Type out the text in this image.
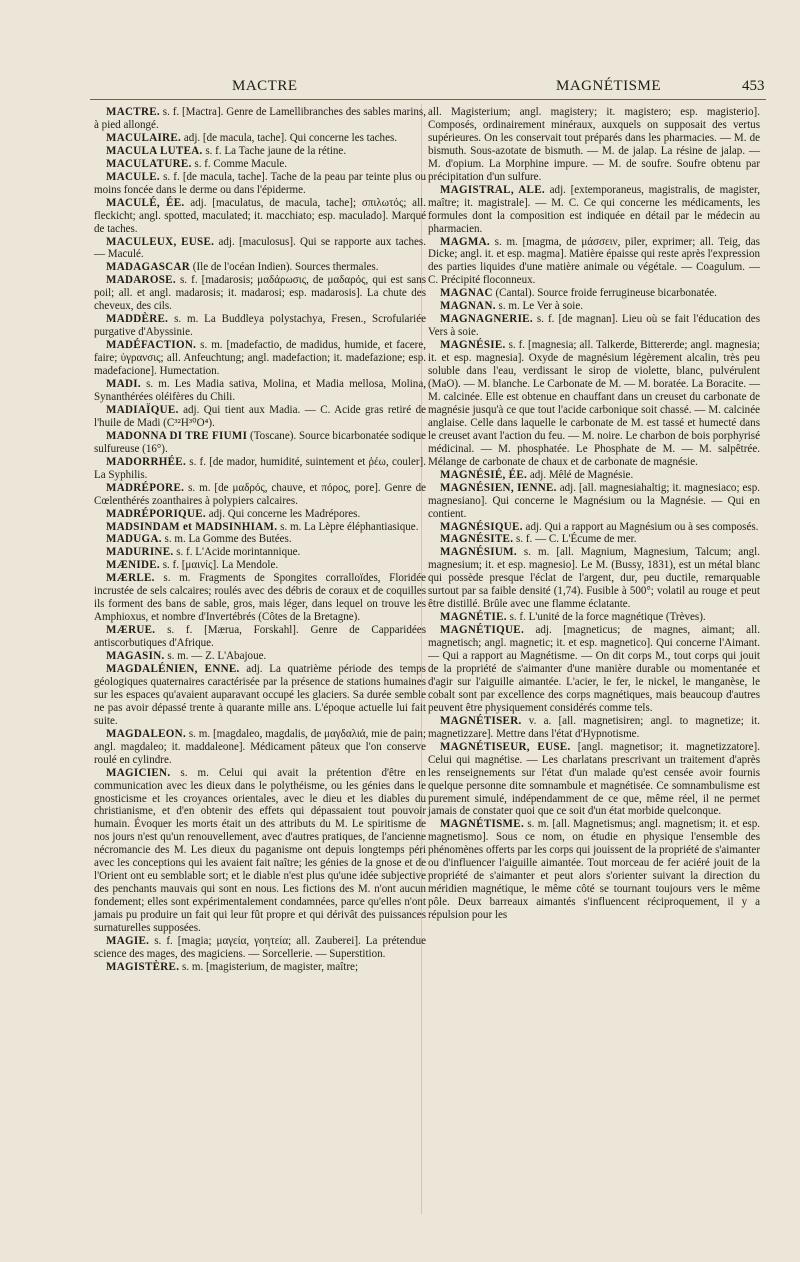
MACTRE	MAGNÉTISME	453

MACTRE. s. f. [Mactra]. Genre de Lamellibranches des sables marins, à pied allongé.

MACULAIRE. adj. [de macula, tache]. Qui concerne les taches.

MACULA LUTEA. s. f. La Tache jaune de la rétine.

MACULATURE. s. f. Comme Macule.

MACULE. s. f. [de macula, tache]. Tache de la peau par teinte plus ou moins foncée dans le derme ou dans l'épiderme.

MACULÉ, ÉE. adj. [maculatus, de macula, tache]; σπιλωτός; all. fleckicht; angl. spotted, maculated; it. macchiato; esp. maculado]. Marqué de taches.

MACULEUX, EUSE. adj. [maculosus]. Qui se rapporte aux taches. — Maculé.

MADAGASCAR (Ile de l'océan Indien). Sources thermales.

MADAROSE. s. f. [madarosis; μαδάρωσις, de μαδαρός, qui est sans poil; all. et angl. madarosis; it. madarosi; esp. madarosis]. La chute des cheveux, des cils.

MADDÈRE. s. m. La Buddleya polystachya, Fresen., Scrofulariée purgative d'Abyssinie.

MADÉFACTION. s. m. [madefactio, de madidus, humide, et facere, faire; ὑγρανσις; all. Anfeuchtung; angl. madefaction; it. madefazione; esp. madefacione]. Humectation.

MADI. s. m. Les Madia sativa, Molina, et Madia mellosa, Molina, Synanthérées oléifères du Chili.

MADIAÏQUE. adj. Qui tient aux Madia. — C. Acide gras retiré de l'huile de Madi (C³²H³⁰O⁴).

MADONNA DI TRE FIUMI (Toscane). Source bicarbonatée sodique sulfureuse (16°).

MADORRHÉE. s. f. [de mador, humidité, suintement et ῥέω, couler]. La Syphilis.

MADRÉPORE. s. m. [de μαδρός, chauve, et πόρος, pore]. Genre de Cœlenthérés zoanthaires à polypiers calcaires.

MADRÉPORIQUE. adj. Qui concerne les Madrépores.

MADSINDAM et MADSINHIAM. s. m. La Lèpre éléphantiasique.

MADUGA. s. m. La Gomme des Butées.

MADURINE. s. f. L'Acide morintannique.

MÆNIDE. s. f. [μαινίς]. La Mendole.

MÆRLE. s. m. Fragments de Spongites corralloïdes, Floridée incrustée de sels calcaires; roulés avec des débris de coraux et de coquilles ils forment des bans de sable, gros, mais léger, dans lequel on trouve les Amphioxus, et nombre d'Invertébrés (Côtes de la Bretagne).

MÆRUE. s. f. [Mærua, Forskahl]. Genre de Capparidées antiscorbutiques d'Afrique.

MAGASIN. s. m. — Z. L'Abajoue.

MAGDALÉNIEN, ENNE. adj. La quatrième période des temps géologiques quaternaires caractérisée par la présence de stations humaines sur les espaces qu'avaient auparavant occupé les glaciers. Sa durée semble ne pas avoir dépassé trente à quarante mille ans. L'époque actuelle lui fait suite.

MAGDALEON. s. m. [magdaleo, magdalis, de μαγδαλιά, mie de pain; angl. magdaleo; it. maddaleone]. Médicament pâteux que l'on conserve roulé en cylindre.

MAGICIEN. s. m. Celui qui avait la prétention d'être en communication avec les dieux dans le polythéisme, ou les génies dans le gnosticisme et les croyances orientales, avec le dieu et les diables du christianisme, et d'en obtenir des effets qui dépassaient tout pouvoir humain. Évoquer les morts était un des attributs du M. Le spiritisme de nos jours n'est qu'un renouvellement, avec d'autres pratiques, de l'ancienne nécromancie des M. Les dieux du paganisme ont depuis longtemps péri avec les conceptions qui les avaient fait naître; les génies de la gnose et de l'Orient ont eu semblable sort; et le diable n'est plus qu'une idée subjective des penchants mauvais qui sont en nous. Les fictions des M. n'ont aucun fondement; elles sont expérimentalement condamnées, parce qu'elles n'ont jamais pu produire un fait qui leur fût propre et qui dérivât des puissances surnaturelles supposées.

MAGIE. s. f. [magia; μαγεία, γοητεία; all. Zauberei]. La prétendue science des mages, des magiciens. — Sorcellerie. — Superstition.

MAGISTÈRE. s. m. [magisterium, de magister, maître;

all. Magisterium; angl. magistery; it. magistero; esp. magisterio]. Composés, ordinairement minéraux, auxquels on supposait des vertus supérieures. On les conservait tout préparés dans les pharmacies. — M. de bismuth. Sous-azotate de bismuth. — M. de jalap. La résine de jalap. — M. d'opium. La Morphine impure. — M. de soufre. Soufre obtenu par précipitation d'un sulfure.

MAGISTRAL, ALE. adj. [extemporaneus, magistralis, de magister, maître; it. magistrale]. — M. C. Ce qui concerne les médicaments, les formules dont la composition est indiquée en détail par le médecin au pharmacien.

MAGMA. s. m. [magma, de μάσσειν, piler, exprimer; all. Teig, das Dicke; angl. it. et esp. magma]. Matière épaisse qui reste après l'expression des parties liquides d'une matière animale ou végétale. — Coagulum. — C. Précipité floconneux.

MAGNAC (Cantal). Source froide ferrugineuse bicarbonatée.

MAGNAN. s. m. Le Ver à soie.

MAGNAGNERIE. s. f. [de magnan]. Lieu où se fait l'éducation des Vers à soie.

MAGNÉSIE. s. f. [magnesia; all. Talkerde, Bittererde; angl. magnesia; it. et esp. magnesia]. Oxyde de magnésium légèrement alcalin, très peu soluble dans l'eau, verdissant le sirop de violette, blanc, pulvérulent (MaO). — M. blanche. Le Carbonate de M. — M. boratée. La Boracite. — M. calcinée. Elle est obtenue en chauffant dans un creuset du carbonate de magnésie jusqu'à ce que tout l'acide carbonique soit chassé. — M. calcinée anglaise. Celle dans laquelle le carbonate de M. est tassé et humecté dans le creuset avant l'action du feu. — M. noire. Le charbon de bois porphyrisé médicinal. — M. phosphatée. Le Phosphate de M. — M. salpêtrée. Mélange de carbonate de chaux et de carbonate de magnésie.

MAGNÉSIÉ, ÉE. adj. Mêlé de Magnésie.

MAGNÉSIEN, IENNE. adj. [all. magnesiahaltig; it. magnesiaco; esp. magnesiano]. Qui concerne le Magnésium ou la Magnésie. — Qui en contient.

MAGNÉSIQUE. adj. Qui a rapport au Magnésium ou à ses composés.

MAGNÉSITE. s. f. — C. L'Écume de mer.

MAGNÉSIUM. s. m. [all. Magnium, Magnesium, Talcum; angl. magnesium; it. et esp. magnesio]. Le M. (Bussy, 1831), est un métal blanc qui possède presque l'éclat de l'argent, dur, peu ductile, remarquable surtout par sa faible densité (1,74). Fusible à 500°; volatil au rouge et peut être distillé. Brûle avec une flamme éclatante.

MAGNÉTIE. s. f. L'unité de la force magnétique (Trèves).

MAGNÉTIQUE. adj. [magneticus; de magnes, aimant; all. magnetisch; angl. magnetic; it. et esp. magnetico]. Qui concerne l'Aimant. — Qui a rapport au Magnétisme. — On dit corps M., tout corps qui jouit de la propriété de s'aimanter d'une manière durable ou momentanée et d'agir sur l'aiguille aimantée. L'acier, le fer, le nickel, le manganèse, le cobalt sont par excellence des corps magnétiques, mais beaucoup d'autres peuvent être physiquement considérés comme tels.

MAGNÉTISER. v. a. [all. magnetisiren; angl. to magnetize; it. magnetizzare]. Mettre dans l'état d'Hypnotisme.

MAGNÉTISEUR, EUSE. [angl. magnetisor; it. magnetizzatore]. Celui qui magnétise. — Les charlatans prescrivant un traitement d'après les renseignements sur l'état d'un malade qu'est censée avoir fournis quelque personne dite somnambule et magnétisée. Ce somnambulisme est purement simulé, indépendamment de ce que, même réel, il ne permet jamais de constater quoi que ce soit d'un état morbide quelconque.

MAGNÉTISME. s. m. [all. Magnetismus; angl. magnetism; it. et esp. magnetismo]. Sous ce nom, on étudie en physique l'ensemble des phénomènes offerts par les corps qui jouissent de la propriété de s'aimanter ou d'influencer l'aiguille aimantée. Tout morceau de fer aciéré jouit de la propriété de s'aimanter et peut alors s'orienter suivant la direction du méridien magnétique, le même côté se tournant toujours vers le même pôle. Deux barreaux aimantés s'influencent réciproquement, il y a répulsion pour les
